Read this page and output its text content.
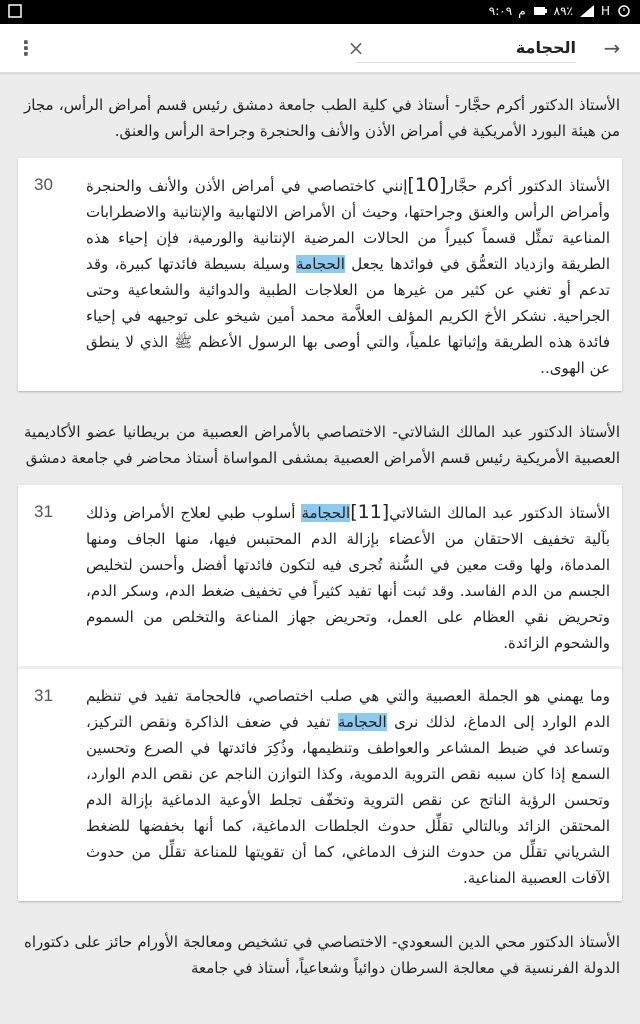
٩:٠٩ م ٨٩٪ H
→
الحجامة
×
⋮

الأستاذ الدكتور أكرم حجَّار- أستاذ في كلية الطب جامعة دمشق رئيس قسم أمراض الرأس، مجاز من هيئة البورد الأمريكية في أمراض الأذن والأنف والحنجرة وجراحة الرأس والعنق.

30	الأستاذ الدكتور أكرم حجَّار[10]إنني كاختصاصي في أمراض الأذن والأنف والحنجرة وأمراض الرأس والعنق وجراحتها، وحيث أن الأمراض الالتهابية والإنتانية والاضطرابات المناعية تمثِّل قسماً كبيراً من الحالات المرضية الإنتانية والورمية، فإن إحياء هذه الطريقة وازدياد التعمُّق في فوائدها يجعل الحجامة وسيلة بسيطة فائدتها كبيرة، وقد تدعم أو تغني عن كثير من غيرها من العلاجات الطبية والدوائية والشعاعية وحتى الجراحية. نشكر الأخ الكريم المؤلف العلاَّمة محمد أمين شيخو على توجيهه في إحياء فائدة هذه الطريقة وإثباتها علمياً، والتي أوصى بها الرسول الأعظم ﷺ الذي لا ينطق عن الهوى..

الأستاذ الدكتور عبد المالك الشالاتي- الاختصاصي بالأمراض العصبية من بريطانيا عضو الأكاديمية العصبية الأمريكية رئيس قسم الأمراض العصبية بمشفى المواساة أستاذ محاضر في جامعة دمشق

31	الأستاذ الدكتور عبد المالك الشالاتي[11]الحجامة أسلوب طبي لعلاج الأمراض وذلك بآلية تخفيف الاحتقان من الأعضاء بإزالة الدم المحتبس فيها، منها الجاف ومنها المدماة، ولها وقت معين في السُّنة تُجرى فيه لتكون فائدتها أفضل وأحسن لتخليص الجسم من الدم الفاسد. وقد ثبت أنها تفيد كثيراً في تخفيف ضغط الدم، وسكر الدم، وتحريض نقي العظام على العمل، وتحريض جهاز المناعة والتخلص من السموم والشحوم الزائدة.
31 وما يهمني هو الجملة العصبية والتي هي صلب اختصاصي، فالحجامة تفيد في تنظيم الدم الوارد إلى الدماغ، لذلك نرى الحجامة تفيد في ضعف الذاكرة ونقص التركيز، وتساعد في ضبط المشاعر والعواطف وتنظيمها، وذُكِرَ فائدتها في الصرع وتحسين السمع إذا كان سببه نقص التروية الدموية، وكذا التوازن الناجم عن نقص الدم الوارد، وتحسن الرؤية الناتج عن نقص التروية وتخفّف تجلط الأوعية الدماغية بإزالة الدم المحتقن الزائد وبالتالي تقلِّل حدوث الجلطات الدماغية، كما أنها بخفضها للضغط الشرياني تقلِّل من حدوث النزف الدماغي، كما أن تقويتها للمناعة تقلِّل من حدوث الآفات العصبية المناعية.

الأستاذ الدكتور محي الدين السعودي- الاختصاصي في تشخيص ومعالجة الأورام حائز على دكتوراه الدولة الفرنسية في معالجة السرطان دوائياً وشعاعياً، أستاذ في جامعة
